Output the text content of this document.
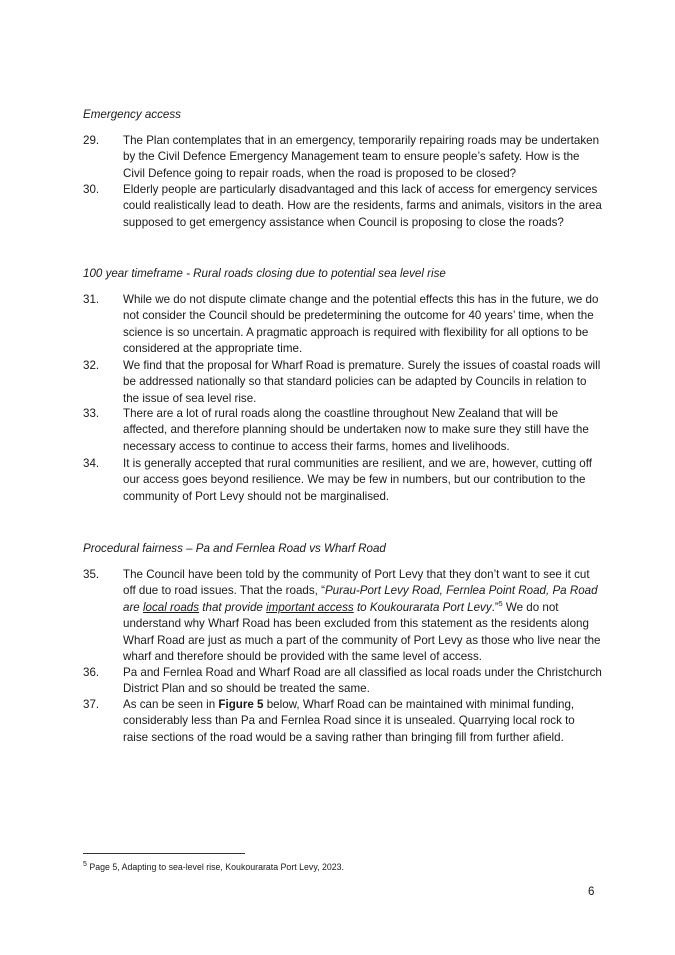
Emergency access
29. The Plan contemplates that in an emergency, temporarily repairing roads may be undertaken by the Civil Defence Emergency Management team to ensure people’s safety. How is the Civil Defence going to repair roads, when the road is proposed to be closed?
30. Elderly people are particularly disadvantaged and this lack of access for emergency services could realistically lead to death. How are the residents, farms and animals, visitors in the area supposed to get emergency assistance when Council is proposing to close the roads?
100 year timeframe - Rural roads closing due to potential sea level rise
31. While we do not dispute climate change and the potential effects this has in the future, we do not consider the Council should be predetermining the outcome for 40 years’ time, when the science is so uncertain. A pragmatic approach is required with flexibility for all options to be considered at the appropriate time.
32. We find that the proposal for Wharf Road is premature. Surely the issues of coastal roads will be addressed nationally so that standard policies can be adapted by Councils in relation to the issue of sea level rise.
33. There are a lot of rural roads along the coastline throughout New Zealand that will be affected, and therefore planning should be undertaken now to make sure they still have the necessary access to continue to access their farms, homes and livelihoods.
34. It is generally accepted that rural communities are resilient, and we are, however, cutting off our access goes beyond resilience. We may be few in numbers, but our contribution to the community of Port Levy should not be marginalised.
Procedural fairness – Pa and Fernlea Road vs Wharf Road
35. The Council have been told by the community of Port Levy that they don’t want to see it cut off due to road issues. That the roads, “Purau-Port Levy Road, Fernlea Point Road, Pa Road are local roads that provide important access to Koukourarata Port Levy.”$^5$ We do not understand why Wharf Road has been excluded from this statement as the residents along Wharf Road are just as much a part of the community of Port Levy as those who live near the wharf and therefore should be provided with the same level of access.
36. Pa and Fernlea Road and Wharf Road are all classified as local roads under the Christchurch District Plan and so should be treated the same.
37. As can be seen in Figure 5 below, Wharf Road can be maintained with minimal funding, considerably less than Pa and Fernlea Road since it is unsealed. Quarrying local rock to raise sections of the road would be a saving rather than bringing fill from further afield.
$^5$ Page 5, Adapting to sea-level rise, Koukourarata Port Levy, 2023.
6
